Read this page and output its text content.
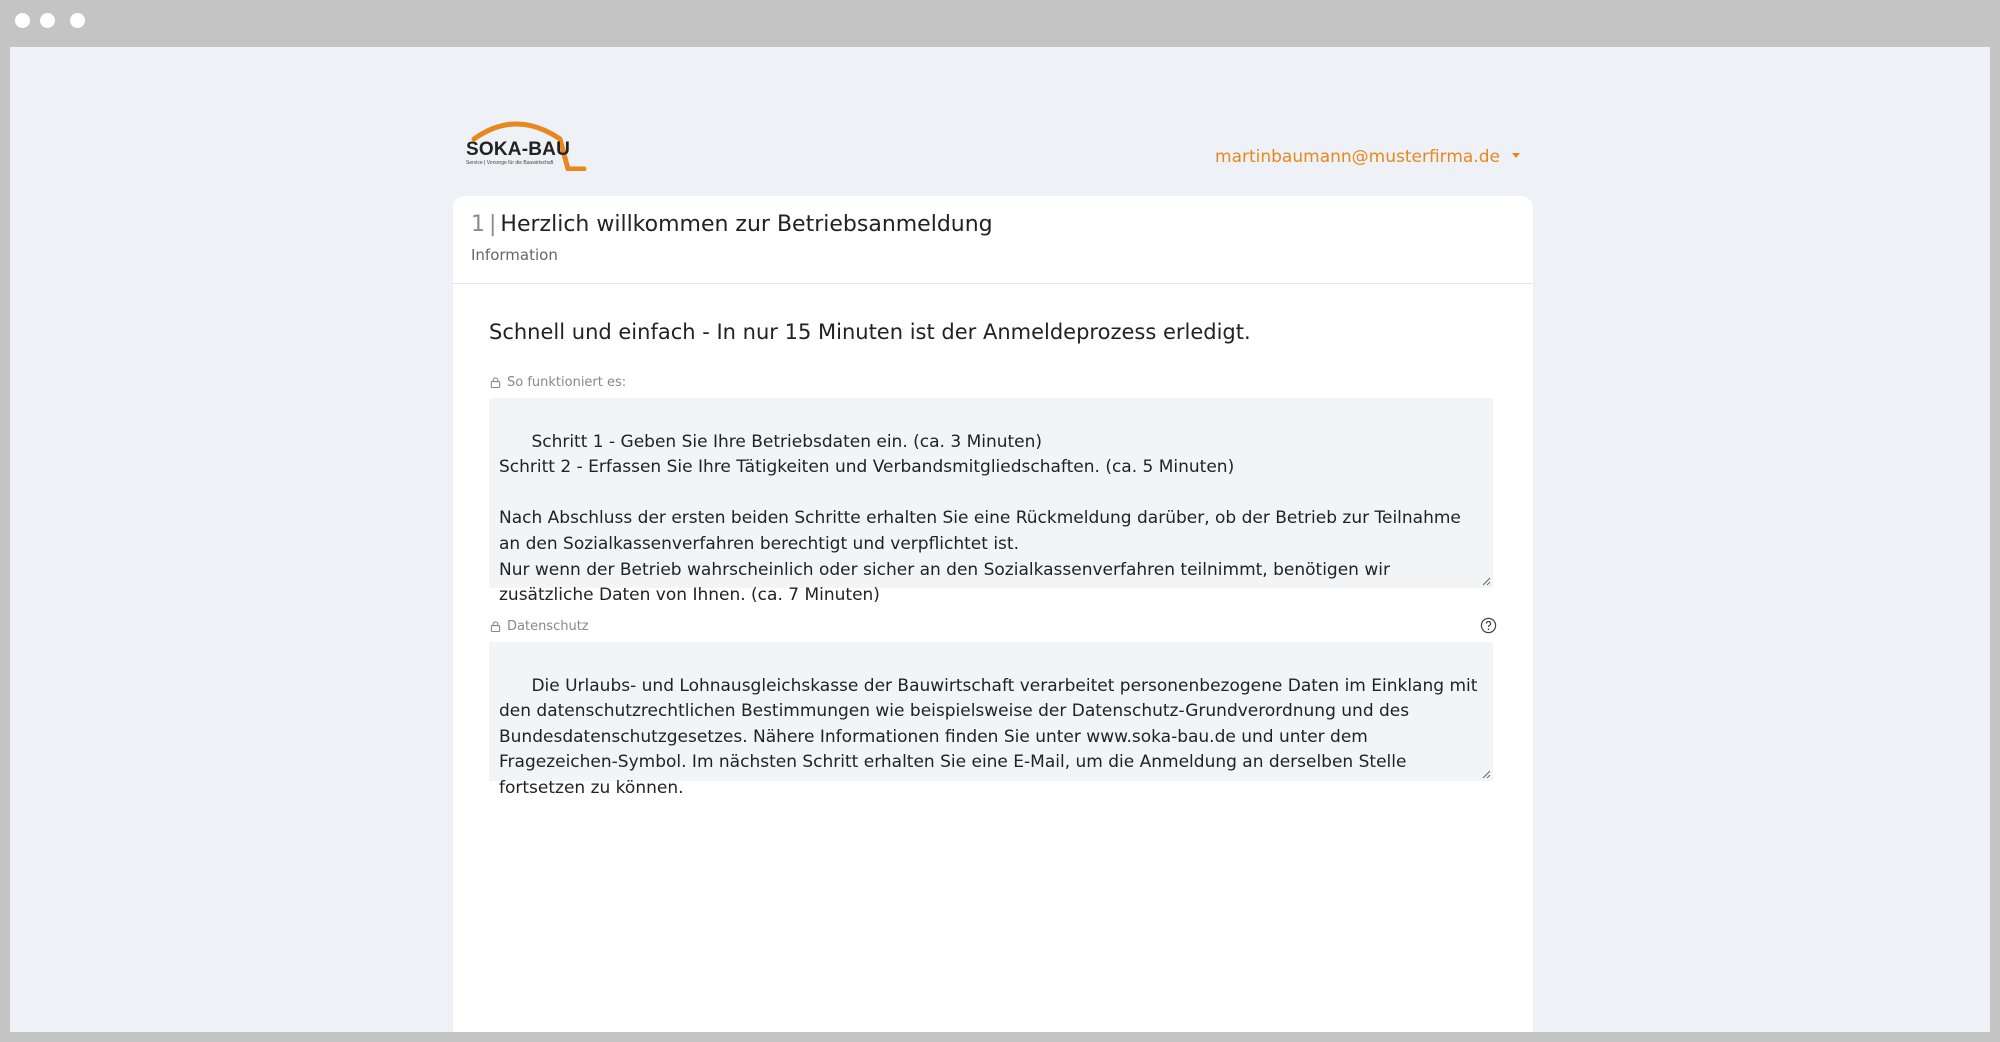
SOKA-BAU
Service | Vorsorge für die Bauwirtschaft	martinbaumann@musterfirma.de
1 | Herzlich willkommen zur Betriebsanmeldung
Information
Schnell und einfach - In nur 15 Minuten ist der Anmeldeprozess erledigt.
So funktioniert es:

Schritt 1 - Geben Sie Ihre Betriebsdaten ein. (ca. 3 Minuten)
Schritt 2 - Erfassen Sie Ihre Tätigkeiten und Verbandsmitgliedschaften. (ca. 5 Minuten)

Nach Abschluss der ersten beiden Schritte erhalten Sie eine Rückmeldung darüber, ob der Betrieb zur Teilnahme an den Sozialkassenverfahren berechtigt und verpflichtet ist.
Nur wenn der Betrieb wahrscheinlich oder sicher an den Sozialkassenverfahren teilnimmt, benötigen wir zusätzliche Daten von Ihnen. (ca. 7 Minuten)

Datenschutz

Die Urlaubs- und Lohnausgleichskasse der Bauwirtschaft verarbeitet personenbezogene Daten im Einklang mit den datenschutzrechtlichen Bestimmungen wie beispielsweise der Datenschutz-Grundverordnung und des Bundesdatenschutzgesetzes. Nähere Informationen finden Sie unter www.soka-bau.de und unter dem Fragezeichen-Symbol. Im nächsten Schritt erhalten Sie eine E-Mail, um die Anmeldung an derselben Stelle fortsetzen zu können.
